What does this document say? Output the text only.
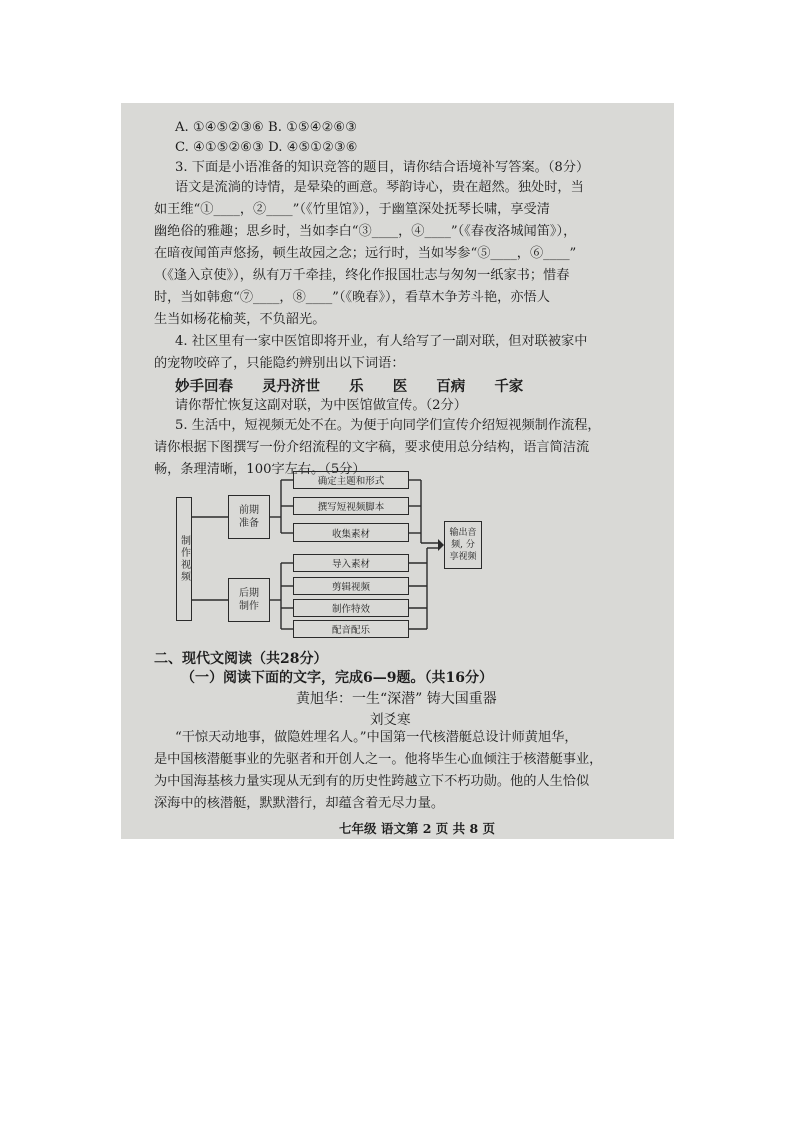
A. ①④⑤②③⑥ B. ①⑤④②⑥③
C. ④①⑤②⑥③ D. ④⑤①②③⑥
3. 下面是小语准备的知识竞答的题目，请你结合语境补写答案。（8分）
语文是流淌的诗情，是晕染的画意。琴韵诗心，贵在超然。独处时，当
如王维“①____，②____”（《竹里馆》），于幽篁深处抚琴长啸，享受清
幽绝俗的雅趣；思乡时，当如李白“③____，④____”（《春夜洛城闻笛》），
在暗夜闻笛声悠扬，顿生故园之念；远行时，当如岑参“⑤____，⑥____”
（《逢入京使》），纵有万千牵挂，终化作报国壮志与匆匆一纸家书；惜春
时，当如韩愈“⑦____，⑧____”（《晚春》），看草木争芳斗艳，亦悟人
生当如杨花榆荚，不负韶光。
4. 社区里有一家中医馆即将开业，有人给写了一副对联，但对联被家中
的宠物咬碎了，只能隐约辨别出以下词语：
妙手回春 灵丹济世 乐 医 百病 千家
请你帮忙恢复这副对联，为中医馆做宣传。（2分）
5. 生活中，短视频无处不在。为便于向同学们宣传介绍短视频制作流程，
请你根据下图撰写一份介绍流程的文字稿，要求使用总分结构，语言简洁流
畅，条理清晰，100字左右。（5分）
制作视频
前期准备
后期制作
确定主题和形式
撰写短视频脚本
收集素材
导入素材
剪辑视频
制作特效
配音配乐
输出音频, 分享视频
二、现代文阅读（共28分）
（一）阅读下面的文字，完成6—9题。（共16分）
黄旭华：一生“深潜” 铸大国重器
刘爻寒
“干惊天动地事，做隐姓埋名人。”中国第一代核潜艇总设计师黄旭华，
是中国核潜艇事业的先驱者和开创人之一。他将毕生心血倾注于核潜艇事业，
为中国海基核力量实现从无到有的历史性跨越立下不朽功勋。他的人生恰似
深海中的核潜艇，默默潜行，却蕴含着无尽力量。
七年级 语文第 2 页 共 8 页
